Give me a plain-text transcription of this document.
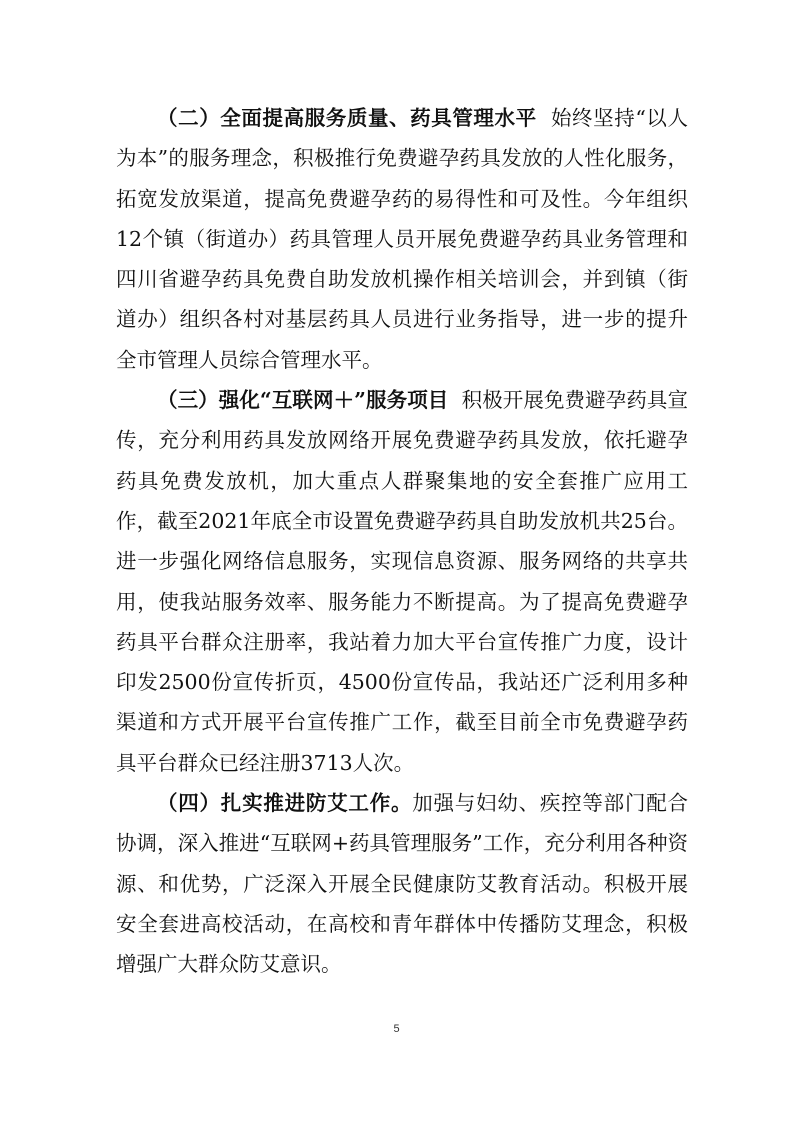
（二）全面提高服务质量、药具管理水平 始终坚持“以人为本”的服务理念，积极推行免费避孕药具发放的人性化服务，拓宽发放渠道，提高免费避孕药的易得性和可及性。今年组织12个镇（街道办）药具管理人员开展免费避孕药具业务管理和四川省避孕药具免费自助发放机操作相关培训会，并到镇（街道办）组织各村对基层药具人员进行业务指导，进一步的提升全市管理人员综合管理水平。

（三）强化“互联网＋”服务项目 积极开展免费避孕药具宣传，充分利用药具发放网络开展免费避孕药具发放，依托避孕药具免费发放机，加大重点人群聚集地的安全套推广应用工作，截至2021年底全市设置免费避孕药具自助发放机共25台。进一步强化网络信息服务，实现信息资源、服务网络的共享共用，使我站服务效率、服务能力不断提高。为了提高免费避孕药具平台群众注册率，我站着力加大平台宣传推广力度，设计印发2500份宣传折页，4500份宣传品，我站还广泛利用多种渠道和方式开展平台宣传推广工作，截至目前全市免费避孕药具平台群众已经注册3713人次。

（四）扎实推进防艾工作。加强与妇幼、疾控等部门配合协调，深入推进“互联网+药具管理服务”工作，充分利用各种资源、和优势，广泛深入开展全民健康防艾教育活动。积极开展安全套进高校活动，在高校和青年群体中传播防艾理念，积极增强广大群众防艾意识。

5
